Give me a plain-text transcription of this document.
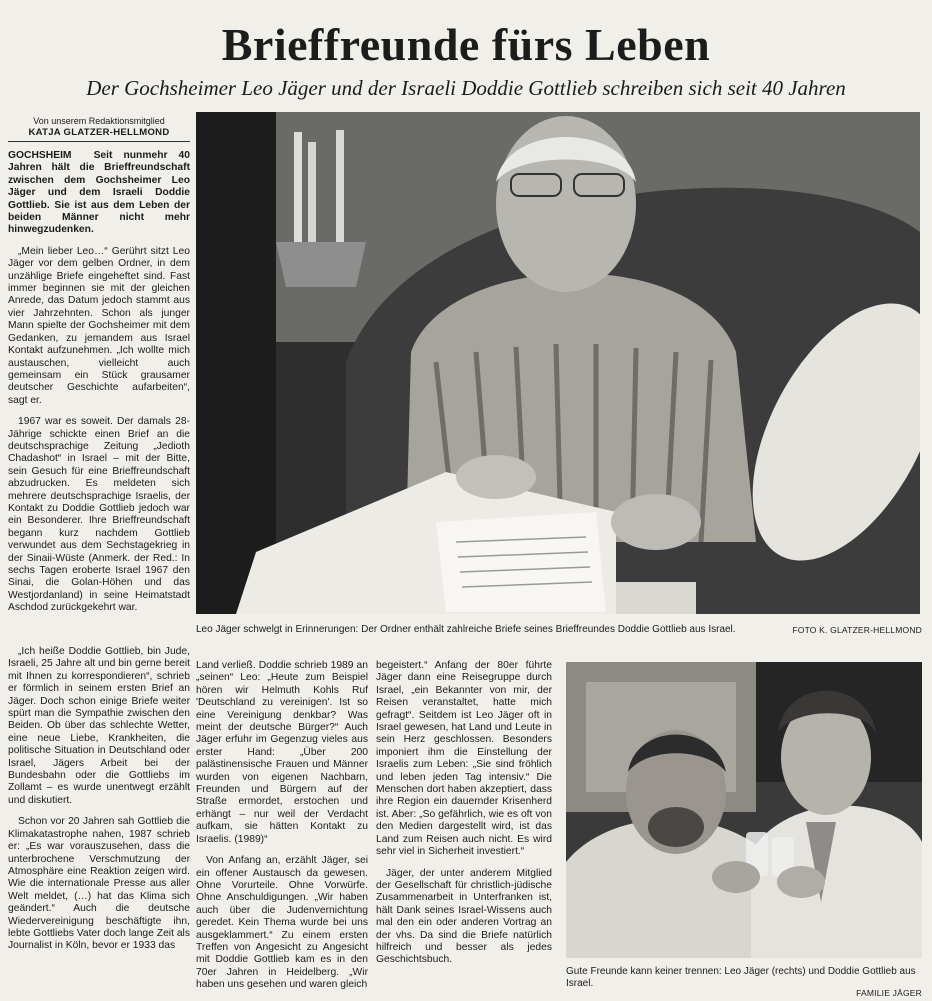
Brieffreunde fürs Leben
Der Gochsheimer Leo Jäger und der Israeli Doddie Gottlieb schreiben sich seit 40 Jahren
Von unserem Redaktionsmitglied
KATJA GLATZER-HELLMOND

GOCHSHEIM Seit nunmehr 40 Jahren hält die Brieffreundschaft zwischen dem Gochsheimer Leo Jäger und dem Israeli Doddie Gottlieb. Sie ist aus dem Leben der beiden Männer nicht mehr hinwegzudenken.

„Mein lieber Leo…“ Gerührt sitzt Leo Jäger vor dem gelben Ordner, in dem unzählige Briefe eingeheftet sind. Fast immer beginnen sie mit der gleichen Anrede, das Datum jedoch stammt aus vier Jahrzehnten. Schon als junger Mann spielte der Gochsheimer mit dem Gedanken, zu jemandem aus Israel Kontakt aufzunehmen. „Ich wollte mich austauschen, vielleicht auch gemeinsam ein Stück grausamer deutscher Geschichte aufarbeiten“, sagt er.

1967 war es soweit. Der damals 28-Jährige schickte einen Brief an die deutschsprachige Zeitung „Jedioth Chadashot“ in Israel – mit der Bitte, sein Gesuch für eine Brieffreundschaft abzudrucken. Es meldeten sich mehrere deutschsprachige Israelis, der Kontakt zu Doddie Gottlieb jedoch war ein Besonderer. Ihre Brieffreundschaft begann kurz nachdem Gottlieb verwundet aus dem Sechstagekrieg in der Sinaii-Wüste (Anmerk. der Red.: In sechs Tagen eroberte Israel 1967 den Sinai, die Golan-Höhen und das Westjordanland) in seine Heimatstadt Aschdod zurückgekehrt war.

Leo Jäger schwelgt in Erinnerungen: Der Ordner enthält zahlreiche Briefe seines Brieffreundes Doddie Gottlieb aus Israel.	FOTO K. GLATZER-HELLMOND

„Ich heiße Doddie Gottlieb, bin Jude, Israeli, 25 Jahre alt und bin gerne bereit mit Ihnen zu korrespondieren“, schrieb er förmlich in seinem ersten Brief an Jäger. Doch schon einige Briefe weiter spürt man die Sympathie zwischen den Beiden. Ob über das schlechte Wetter, eine neue Liebe, Krankheiten, die politische Situation in Deutschland oder Israel, Jägers Arbeit bei der Bundesbahn oder die Gottliebs im Zollamt – es wurde unentwegt erzählt und diskutiert.

Schon vor 20 Jahren sah Gottlieb die Klimakatastrophe nahen, 1987 schrieb er: „Es war vorauszusehen, dass die unterbrochene Verschmutzung der Atmosphäre eine Reaktion zeigen wird. Wie die internationale Presse aus aller Welt meldet, (…) hat das Klima sich geändert.“ Auch die deutsche Wiedervereinigung beschäftigte ihn, lebte Gottliebs Vater doch lange Zeit als Journalist in Köln, bevor er 1933 das

Land verließ. Doddie schrieb 1989 an „seinen“ Leo: „Heute zum Beispiel hören wir Helmuth Kohls Ruf 'Deutschland zu vereinigen'. Ist so eine Vereinigung denkbar? Was meint der deutsche Bürger?“ Auch Jäger erfuhr im Gegenzug vieles aus erster Hand: „Über 200 palästinensische Frauen und Männer wurden von eigenen Nachbarn, Freunden und Bürgern auf der Straße ermordet, erstochen und erhängt – nur weil der Verdacht aufkam, sie hätten Kontakt zu Israelis. (1989)“

Von Anfang an, erzählt Jäger, sei ein offener Austausch da gewesen. Ohne Vorurteile. Ohne Vorwürfe. Ohne Anschuldigungen. „Wir haben auch über die Judenvernichtung geredet. Kein Thema wurde bei uns ausgeklammert.“ Zu einem ersten Treffen von Angesicht zu Angesicht mit Doddie Gottlieb kam es in den 70er Jahren in Heidelberg. „Wir haben uns gesehen und waren gleich

begeistert.“ Anfang der 80er führte Jäger dann eine Reisegruppe durch Israel, „ein Bekannter von mir, der Reisen veranstaltet, hatte mich gefragt“. Seitdem ist Leo Jäger oft in Israel gewesen, hat Land und Leute in sein Herz geschlossen. Besonders imponiert ihm die Einstellung der Israelis zum Leben: „Sie sind fröhlich und leben jeden Tag intensiv.“ Die Menschen dort haben akzeptiert, dass ihre Region ein dauernder Krisenherd ist. Aber: „So gefährlich, wie es oft von den Medien dargestellt wird, ist das Land zum Reisen auch nicht. Es wird sehr viel in Sicherheit investiert.“

Jäger, der unter anderem Mitglied der Gesellschaft für christlich-jüdische Zusammenarbeit in Unterfranken ist, hält Dank seines Israel-Wissens auch mal den ein oder anderen Vortrag an der vhs. Da sind die Briefe natürlich hilfreich und besser als jedes Geschichtsbuch.

Gute Freunde kann keiner trennen: Leo Jäger (rechts) und Doddie Gottlieb aus Israel.
FAMILIE JÄGER
